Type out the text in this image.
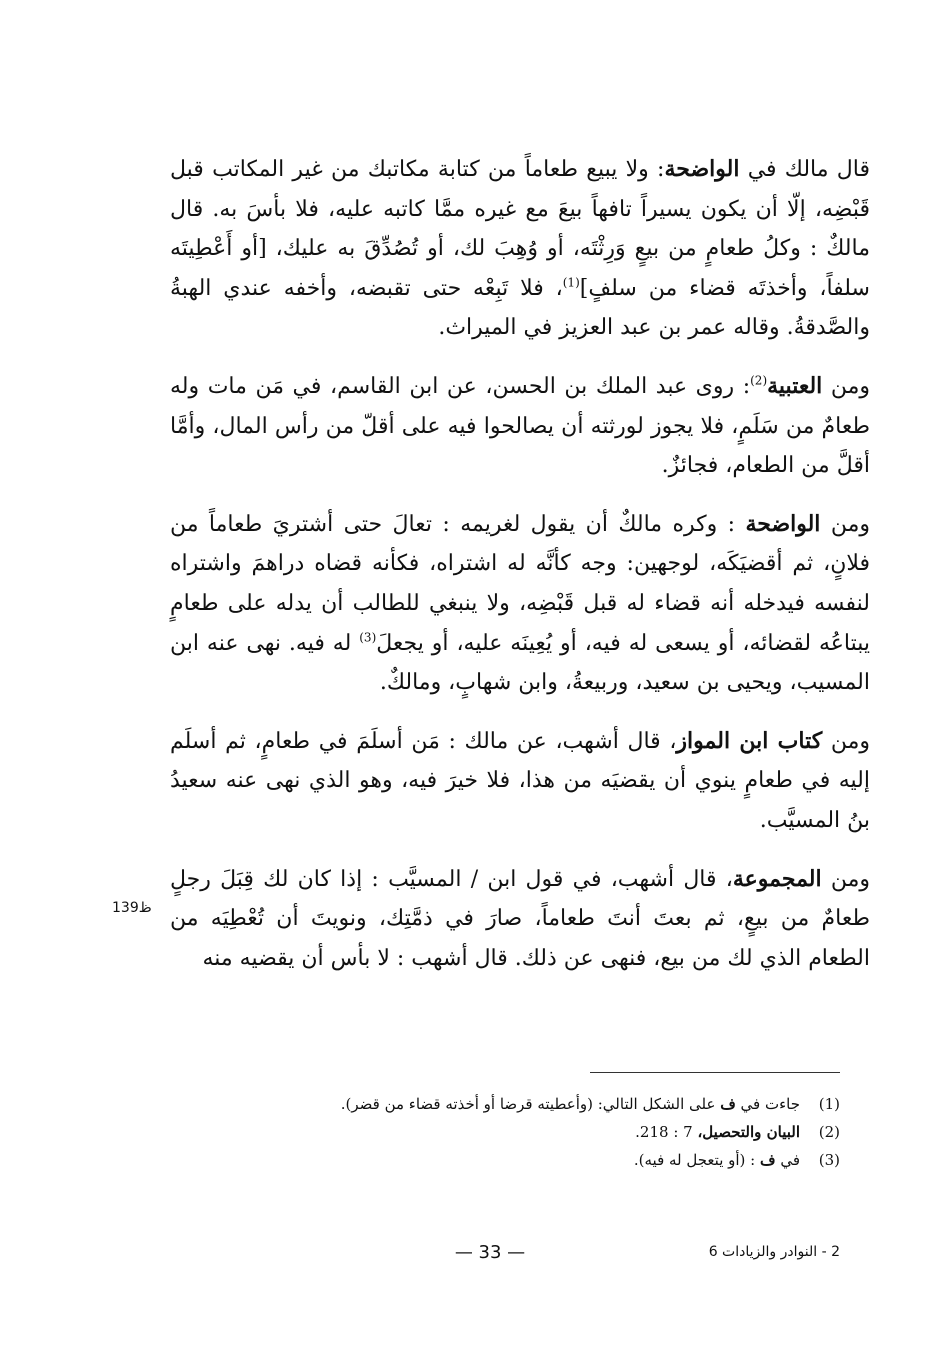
قال مالك في الواضحة: ولا يبيع طعاماً من كتابة مكاتبك من غير المكاتب قبل قَبْضِه، إلّا أن يكون يسيراً تافهاً بيعَ مع غيره ممَّا كاتبه عليه، فلا بأسَ به. قال مالكٌ : وكلُ طعامٍ من بيعٍ وَرِثْتَه، أو وُهِبَ لك، أو تُصُدِّقَ به عليك، [أو أَعْطِيتَه سلفاً، وأخذتَه قضاء من سلفٍ]$^{(1)}$، فلا تَبِعْه حتى تقبضه، وأخفه عندي الهبةُ والصَّدقةُ. وقاله عمر بن عبد العزيز في الميراث.

ومن العتبية$^{(2)}$: روى عبد الملك بن الحسن، عن ابن القاسم، في مَن مات وله طعامٌ من سَلَمٍ، فلا يجوز لورثته أن يصالحوا فيه على أقلّ من رأس المال، وأمَّا أقلَّ من الطعام، فجائزٌ.

ومن الواضحة : وكره مالكٌ أن يقول لغريمه : تعالَ حتى أشتريَ طعاماً من فلانٍ، ثم أقضيَكَه، لوجهين: وجه كأنَّه له اشتراه، فكأنه قضاه دراهمَ واشتراه لنفسه فيدخله أنه قضاء له قبل قَبْضِه، ولا ينبغي للطالب أن يدله على طعامٍ يبتاعُه لقضائه، أو يسعى له فيه، أو يُعِينَه عليه، أو يجعلَ$^{(3)}$ له فيه. نهى عنه ابن المسيب، ويحيى بن سعيد، وربيعةُ، وابن شهابٍ، ومالكٌ.

ومن كتاب ابن المواز، قال أشهب، عن مالك : مَن أسلَمَ في طعامٍ، ثم أسلَم إليه في طعامٍ ينوي أن يقضيَه من هذا، فلا خيرَ فيه، وهو الذي نهى عنه سعيدُ بنُ المسيَّب.

ومن المجموعة، قال أشهب، في قول ابن / المسيَّب : إذا كان لك قِبَلَ رجلٍ طعامٌ من بيعٍ، ثم بعتَ أنتَ طعاماً، صارَ في ذمَّتِك، ونويتَ أن تُعْطِيَه من الطعام الذي لك من بيع، فنهى عن ذلك. قال أشهب : لا بأس أن يقضيه منه

139ظ
(1)جاءت في ف على الشكل التالي: (وأعطيته قرضا أو أخذته قضاء من قضر).
(2)البيان والتحصيل، 7 : 218.
(3)في ف : (أو يتعجل له فيه).
— 33 —	2 - النوادر والزيادات 6
